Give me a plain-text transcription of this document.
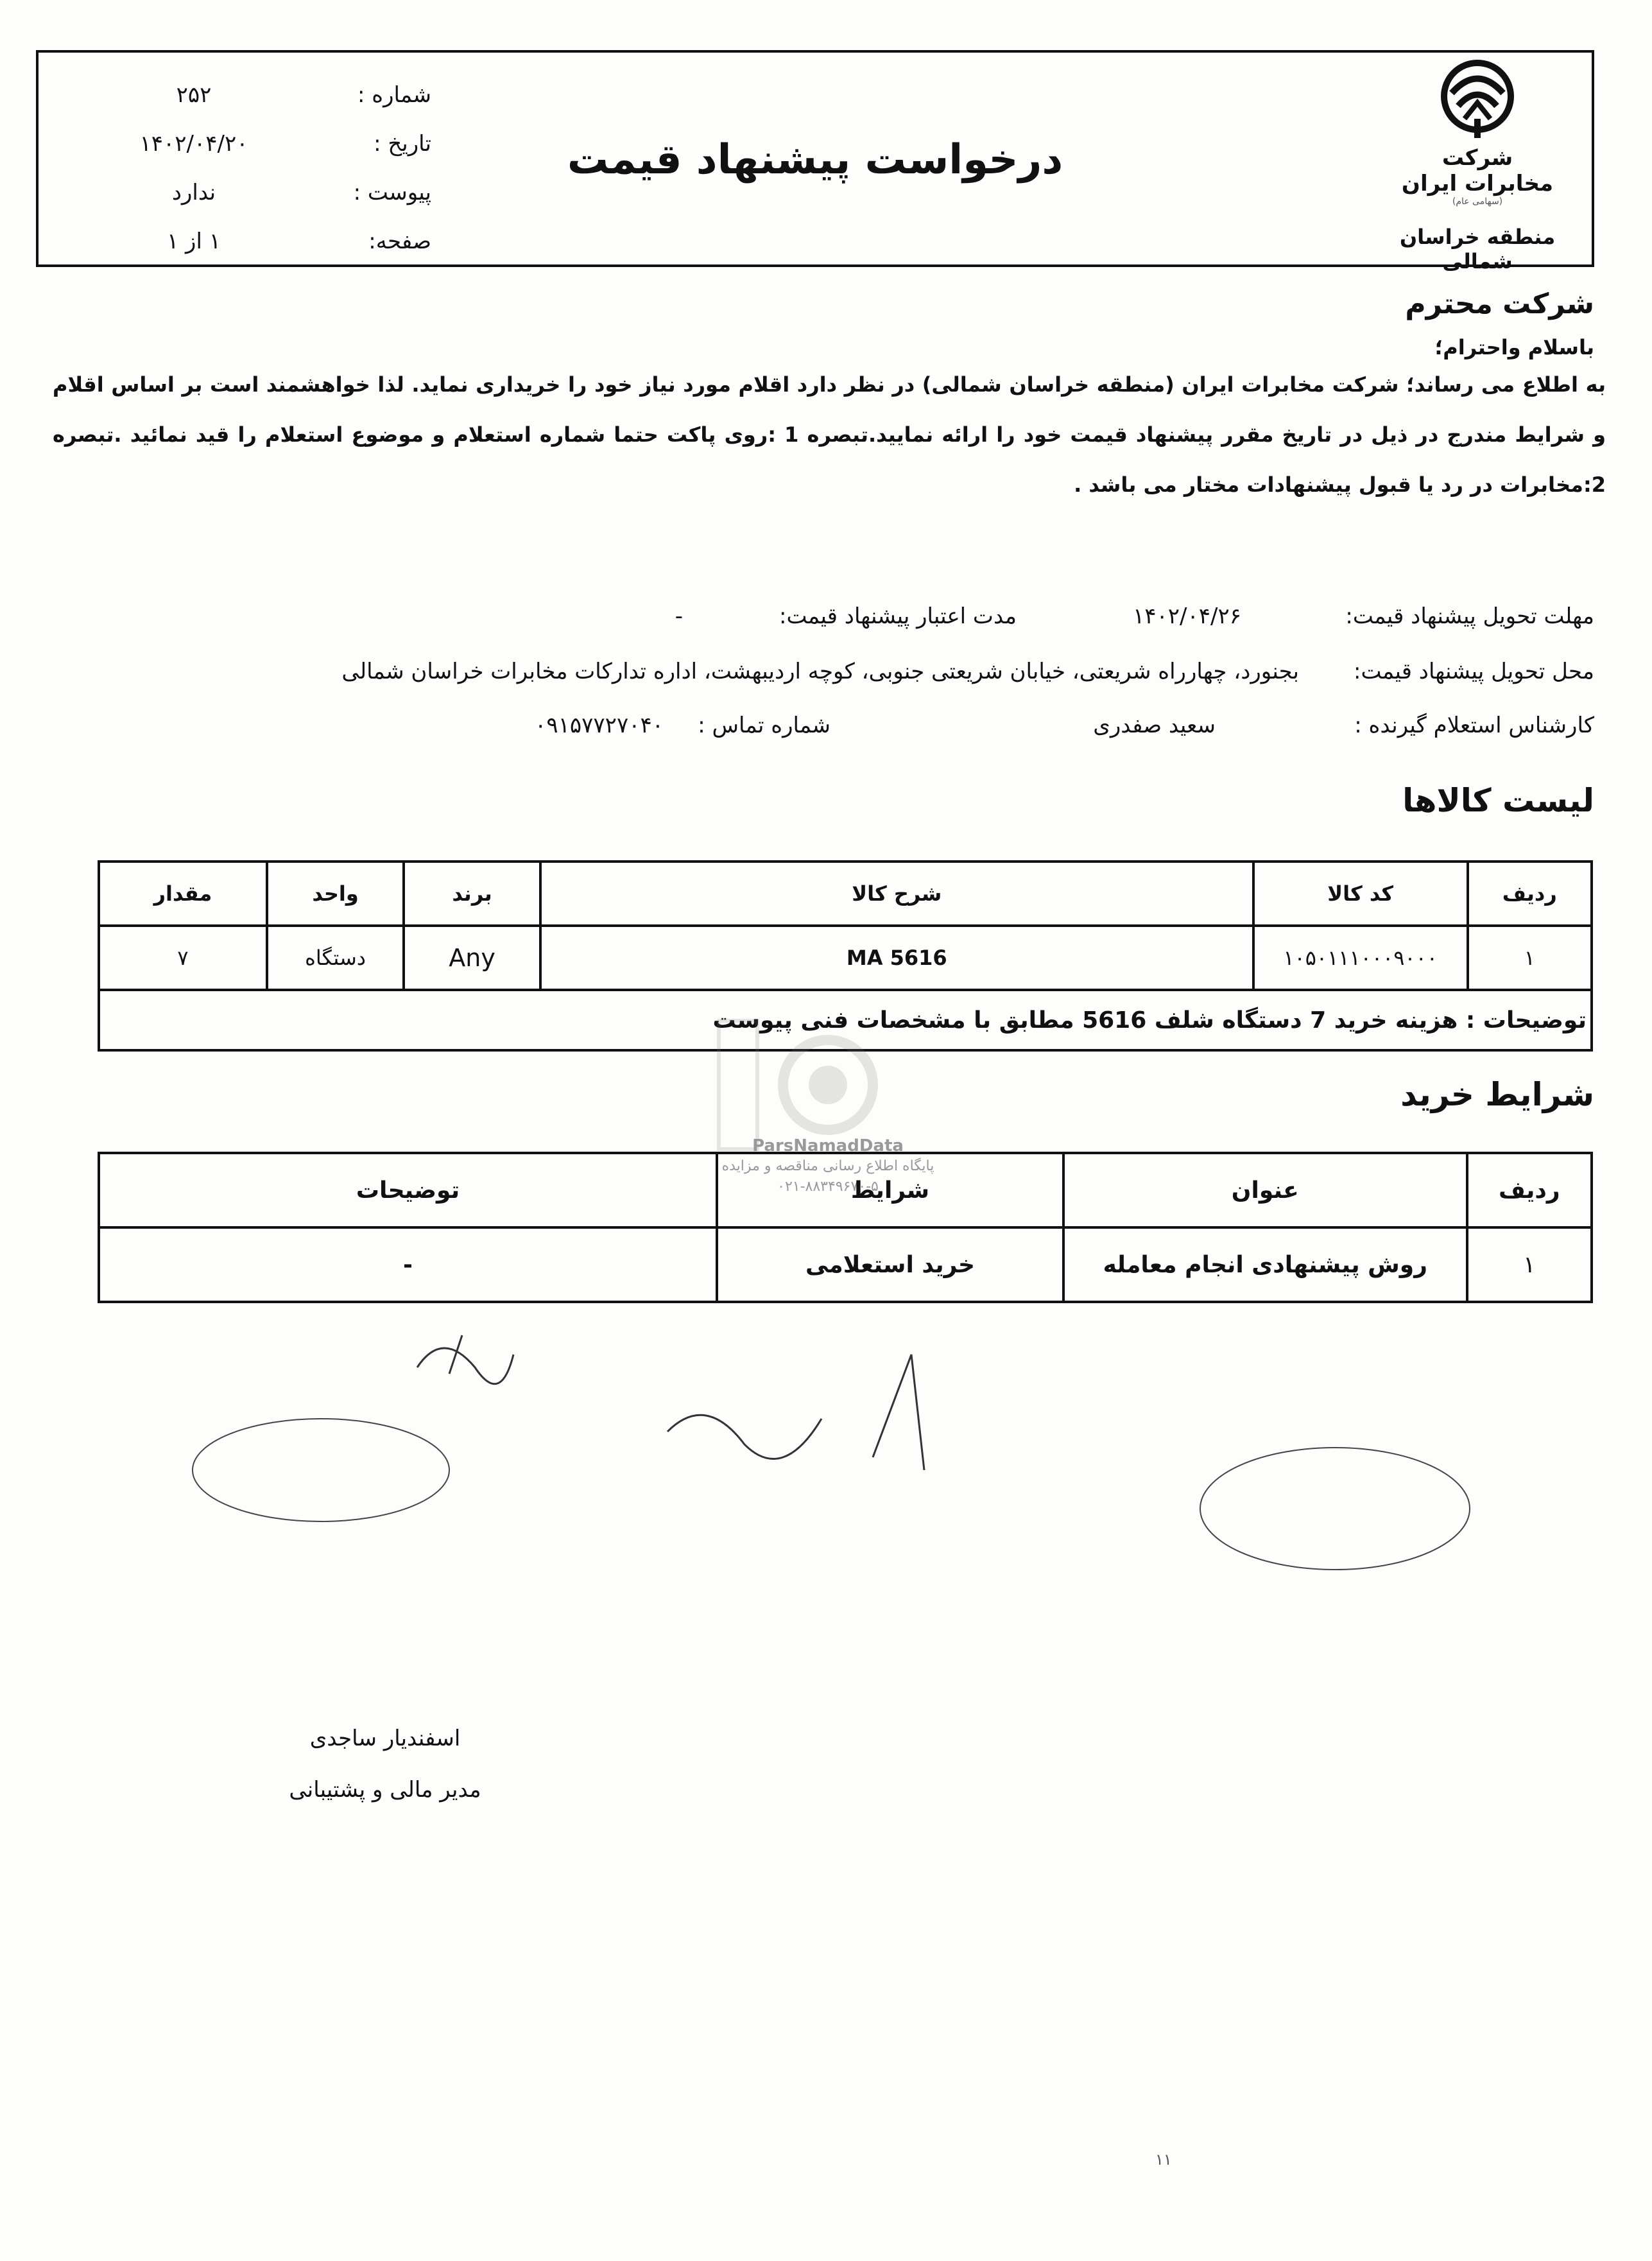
شرکت مخابرات ایران
(سهامی عام)
منطقه خراسان شمالی
درخواست پیشنهاد قیمت
شماره :
۲۵۲
تاریخ :
۱۴۰۲/۰۴/۲۰
پیوست :
ندارد
صفحه:
۱ از ۱
شرکت محترم
باسلام واحترام؛
به اطلاع می رساند؛ شرکت مخابرات ایران (منطقه خراسان شمالی) در نظر دارد اقلام مورد نیاز خود را خریداری نماید. لذا خواهشمند است بر اساس اقلام و شرایط مندرج در ذیل در تاریخ مقرر پیشنهاد قیمت خود را ارائه نمایید.تبصره 1 :روی پاکت حتما شماره استعلام و موضوع استعلام را قید نمائید .تبصره 2:مخابرات در رد یا قبول پیشنهادات مختار می باشد .
مهلت تحویل پیشنهاد قیمت:
۱۴۰۲/۰۴/۲۶
مدت اعتبار پیشنهاد قیمت:
-
محل تحویل پیشنهاد قیمت:
بجنورد، چهارراه شریعتی، خیابان شریعتی جنوبی، کوچه اردیبهشت، اداره تداركات مخابرات خراسان شمالی
كارشناس استعلام گیرنده :
سعید صفدری
شماره تماس :
۰۹۱۵۷۷۲۷۰۴۰
لیست کالاها
ردیف	کد کالا	شرح کالا	برند	واحد	مقدار
۱	۱۰۵۰۱۱۱۰۰۰۹۰۰۰	5616 MA	Any	دستگاه	۷
توضیحات : هزینه خرید 7 دستگاه شلف 5616 مطابق با مشخصات فنی پیوست					
ParsNamadData
پایگاه اطلاع رسانی مناقصه و مزایده
۰۲۱-۸۸۳۴۹۶۷۰-۵
شرایط خرید
ردیف	عنوان	شرایط	توضیحات
۱	روش پیشنهادی انجام معامله	خرید استعلامی	-
اسفندیار ساجدی
مدیر مالی و پشتیبانی
۱۱
